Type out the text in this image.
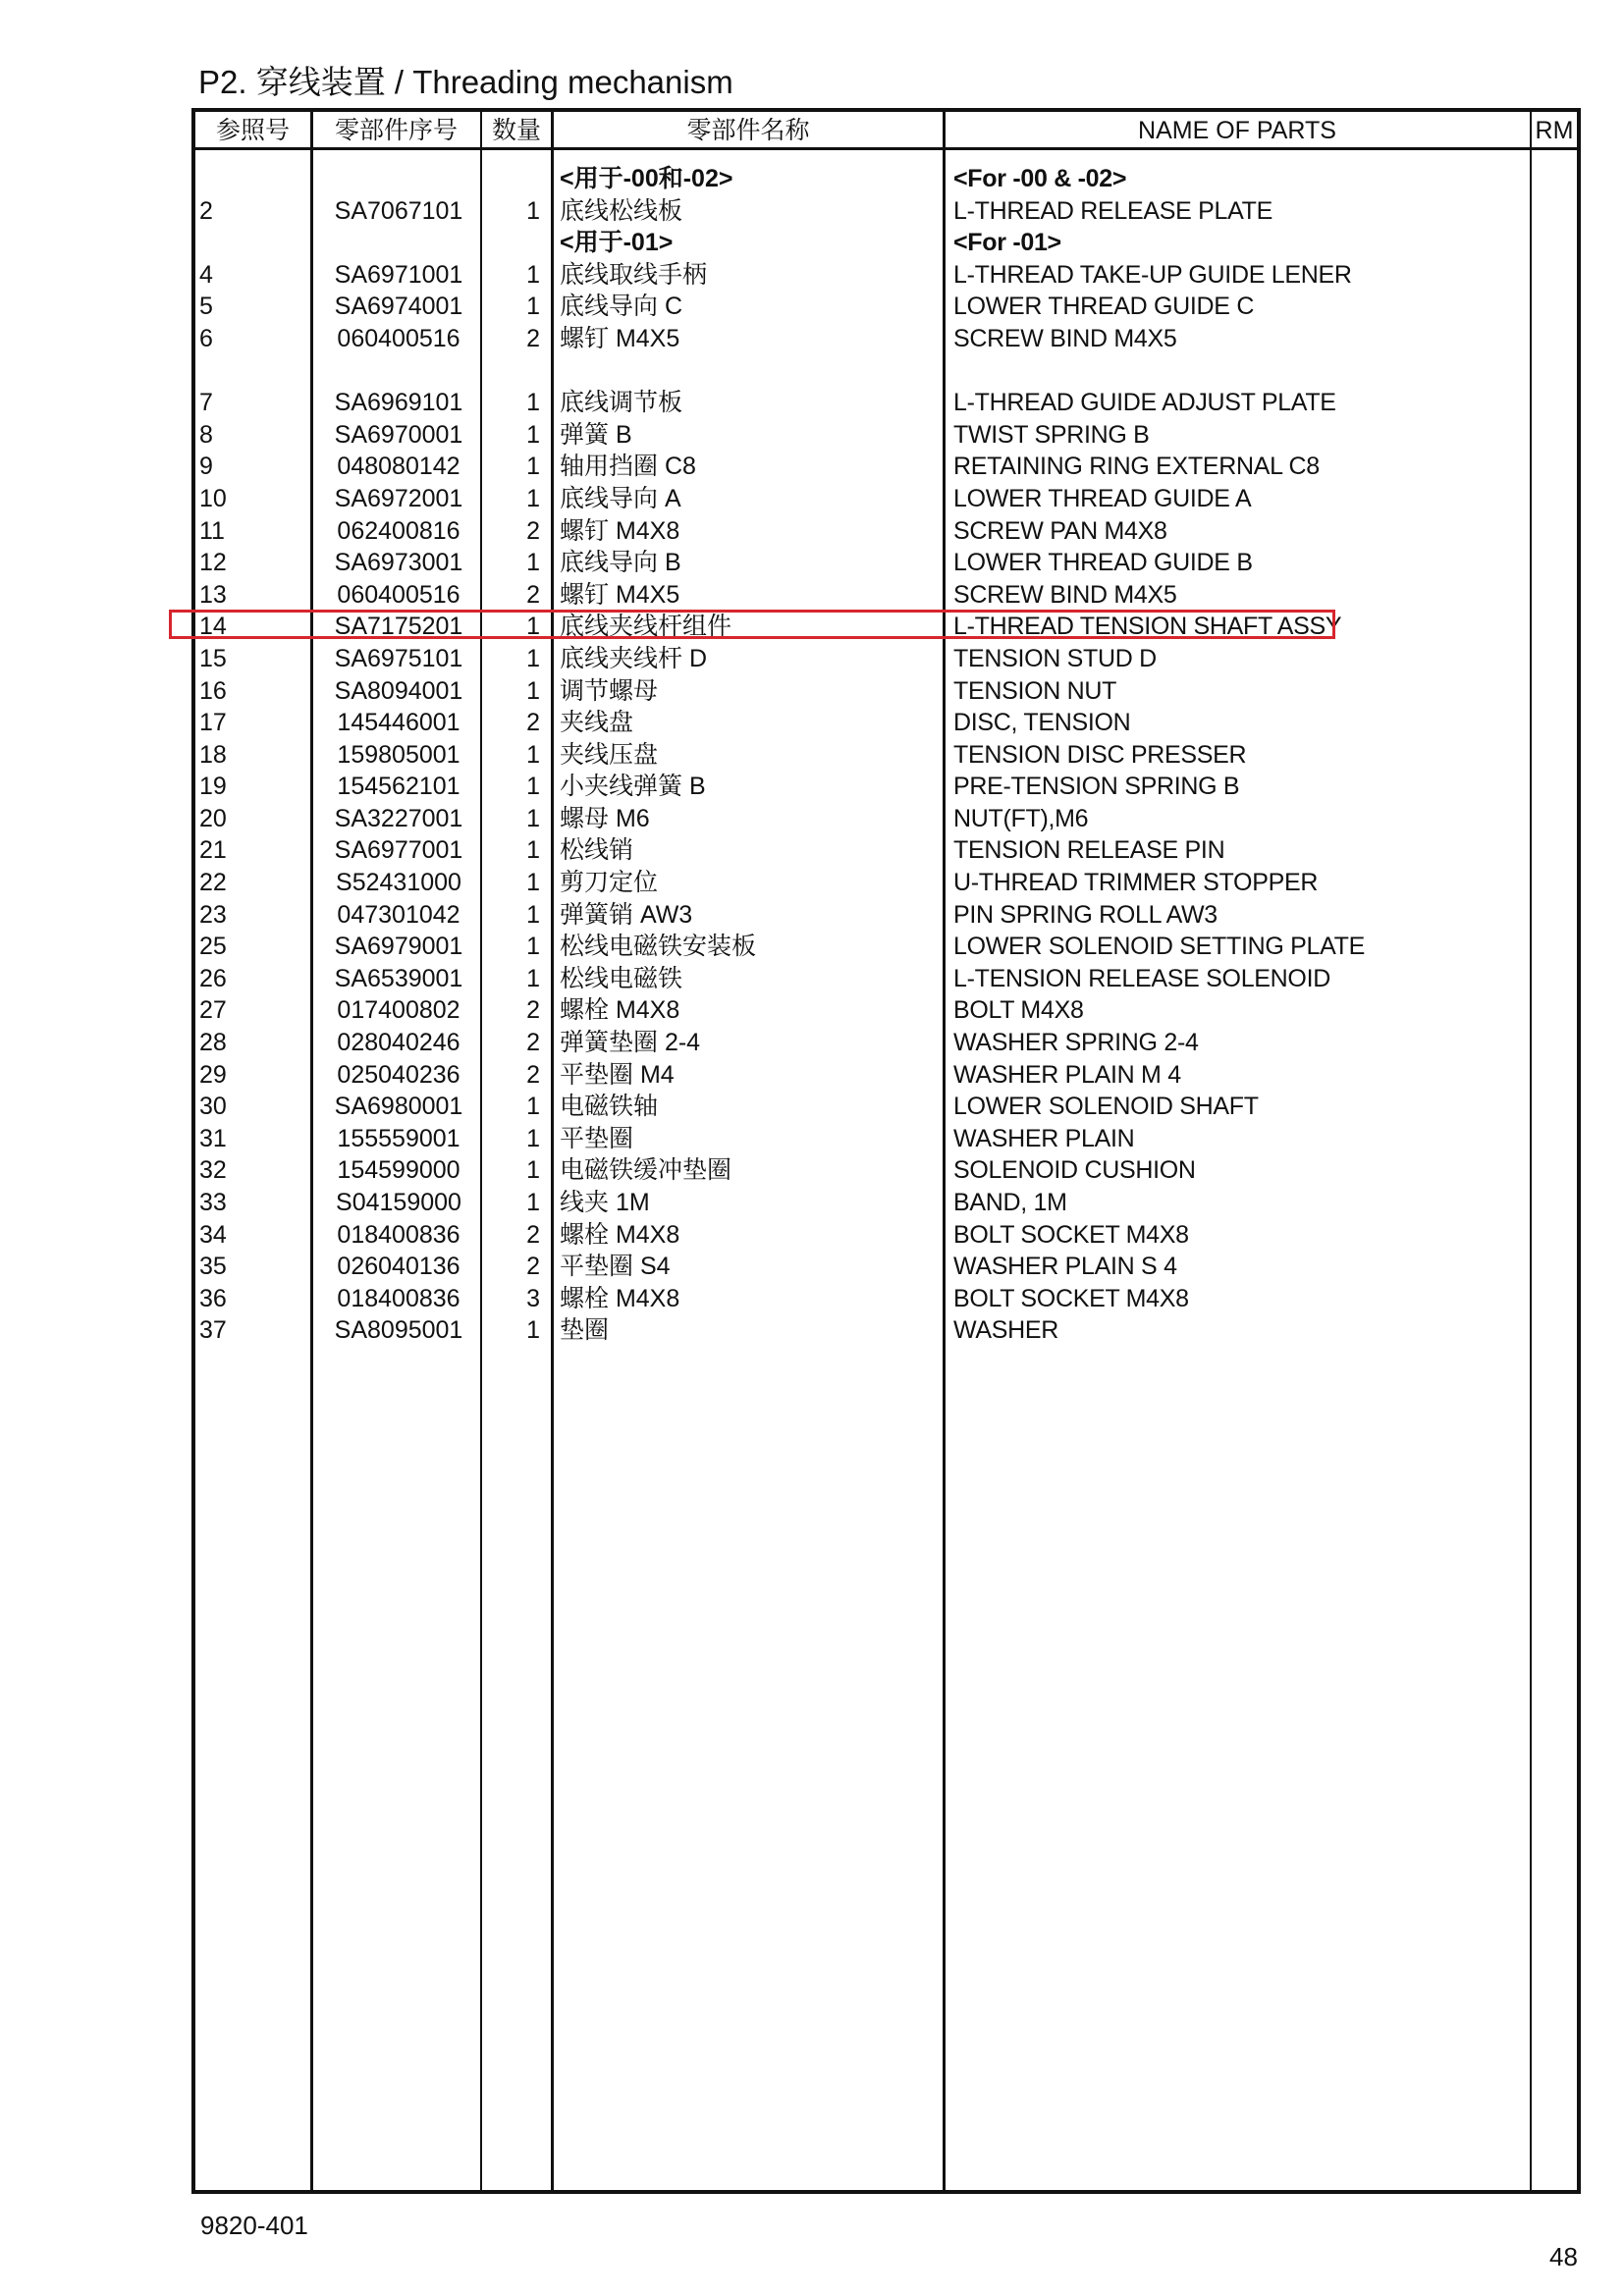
P2. 穿线装置 / Threading mechanism
参照号	零部件序号	数量	零部件名称	NAME OF PARTS	RM
<用于-00和-02>	<For -00 & -02>
2	SA7067101	1 底线松线板	L-THREAD RELEASE PLATE
<用于-01>	<For -01>
4	SA6971001	1 底线取线手柄	L-THREAD TAKE-UP GUIDE LENER
5	SA6974001	1 底线导向 C	LOWER THREAD GUIDE C
6	060400516	2 螺钉 M4X5	SCREW BIND M4X5
7	SA6969101	1 底线调节板	L-THREAD GUIDE ADJUST PLATE
8	SA6970001	1 弹簧 B	TWIST SPRING B
9	048080142	1 轴用挡圈 C8	RETAINING RING EXTERNAL C8
10	SA6972001	1 底线导向 A	LOWER THREAD GUIDE A
11	062400816	2 螺钉 M4X8	SCREW PAN M4X8
12	SA6973001	1 底线导向 B	LOWER THREAD GUIDE B
13	060400516	2 螺钉 M4X5	SCREW BIND M4X5
14	SA7175201	1 底线夹线杆组件	L-THREAD TENSION SHAFT ASSY
15	SA6975101	1 底线夹线杆 D	TENSION STUD D
16	SA8094001	1 调节螺母	TENSION NUT
17	145446001	2 夹线盘	DISC, TENSION
18	159805001	1 夹线压盘	TENSION DISC PRESSER
19	154562101	1 小夹线弹簧 B	PRE-TENSION SPRING B
20	SA3227001	1 螺母 M6	NUT(FT),M6
21	SA6977001	1 松线销	TENSION RELEASE PIN
22	S52431000	1 剪刀定位	U-THREAD TRIMMER STOPPER
23	047301042	1 弹簧销 AW3	PIN SPRING ROLL AW3
25	SA6979001	1 松线电磁铁安装板	LOWER SOLENOID SETTING PLATE
26	SA6539001	1 松线电磁铁	L-TENSION RELEASE SOLENOID
27	017400802	2 螺栓 M4X8	BOLT M4X8
28	028040246	2 弹簧垫圈 2-4	WASHER SPRING 2-4
29	025040236	2 平垫圈 M4	WASHER PLAIN M 4
30	SA6980001	1 电磁铁轴	LOWER SOLENOID SHAFT
31	155559001	1 平垫圈	WASHER PLAIN
32	154599000	1 电磁铁缓冲垫圈	SOLENOID CUSHION
33	S04159000	1 线夹 1M	BAND, 1M
34	018400836	2 螺栓 M4X8	BOLT SOCKET M4X8
35	026040136	2 平垫圈 S4	WASHER PLAIN S 4
36	018400836	3 螺栓 M4X8	BOLT SOCKET M4X8
37	SA8095001	1 垫圈	WASHER
9820-401
48
